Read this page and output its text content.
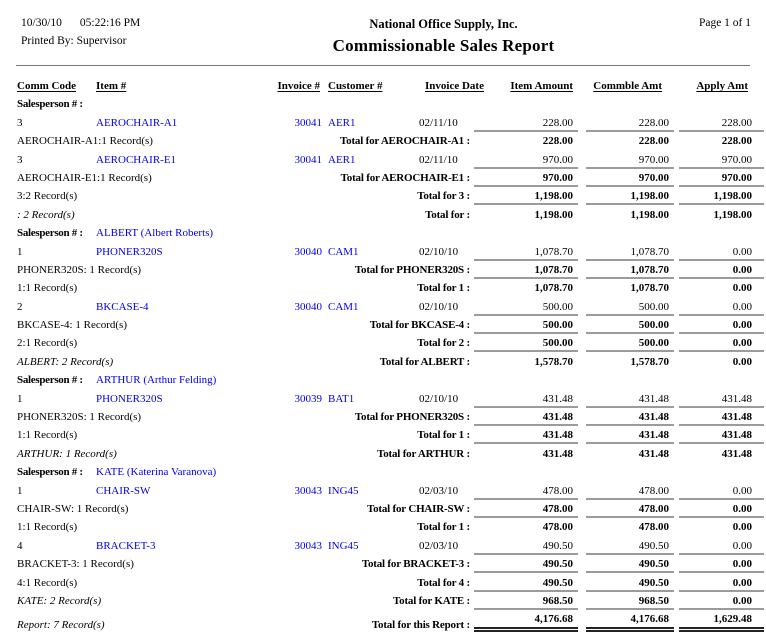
10/30/10 05:22:16 PM
Printed By: Supervisor
National Office Supply, Inc.
Commissionable Sales Report
Page 1 of 1
Comm Code	Item #	Invoice # Customer #	Invoice Date	Item Amount	Commble Amt	Apply Amt
Salesperson # :
3	AEROCHAIR-A1	30041 AER1	02/11/10	228.00	228.00	228.00
AEROCHAIR-A1:1 Record(s)	Total for AEROCHAIR-A1 :	228.00	228.00	228.00
3	AEROCHAIR-E1	30041 AER1	02/11/10	970.00	970.00	970.00
AEROCHAIR-E1:1 Record(s)	Total for AEROCHAIR-E1 :	970.00	970.00	970.00
3:2 Record(s)	Total for 3 :	1,198.00	1,198.00	1,198.00
: 2 Record(s)	Total for :	1,198.00	1,198.00	1,198.00
Salesperson # :	ALBERT (Albert Roberts)
1	PHONER320S	30040 CAM1	02/10/10	1,078.70	1,078.70	0.00
PHONER320S: 1 Record(s)	Total for PHONER320S :	1,078.70	1,078.70	0.00
1:1 Record(s)	Total for 1 :	1,078.70	1,078.70	0.00
2	BKCASE-4	30040 CAM1	02/10/10	500.00	500.00	0.00
BKCASE-4: 1 Record(s)	Total for BKCASE-4 :	500.00	500.00	0.00
2:1 Record(s)	Total for 2 :	500.00	500.00	0.00
ALBERT: 2 Record(s)	Total for ALBERT :	1,578.70	1,578.70	0.00
Salesperson # :	ARTHUR (Arthur Felding)
1	PHONER320S	30039 BAT1	02/10/10	431.48	431.48	431.48
PHONER320S: 1 Record(s)	Total for PHONER320S :	431.48	431.48	431.48
1:1 Record(s)	Total for 1 :	431.48	431.48	431.48
ARTHUR: 1 Record(s)	Total for ARTHUR :	431.48	431.48	431.48
Salesperson # :	KATE (Katerina Varanova)
1	CHAIR-SW	30043 ING45	02/03/10	478.00	478.00	0.00
CHAIR-SW: 1 Record(s)	Total for CHAIR-SW :	478.00	478.00	0.00
1:1 Record(s)	Total for 1 :	478.00	478.00	0.00
4	BRACKET-3	30043 ING45	02/03/10	490.50	490.50	0.00
BRACKET-3: 1 Record(s)	Total for BRACKET-3 :	490.50	490.50	0.00
4:1 Record(s)	Total for 4 :	490.50	490.50	0.00
KATE: 2 Record(s)	Total for KATE :	968.50	968.50	0.00
Report: 7 Record(s)	Total for this Report :	4,176.68	4,176.68	1,629.48
